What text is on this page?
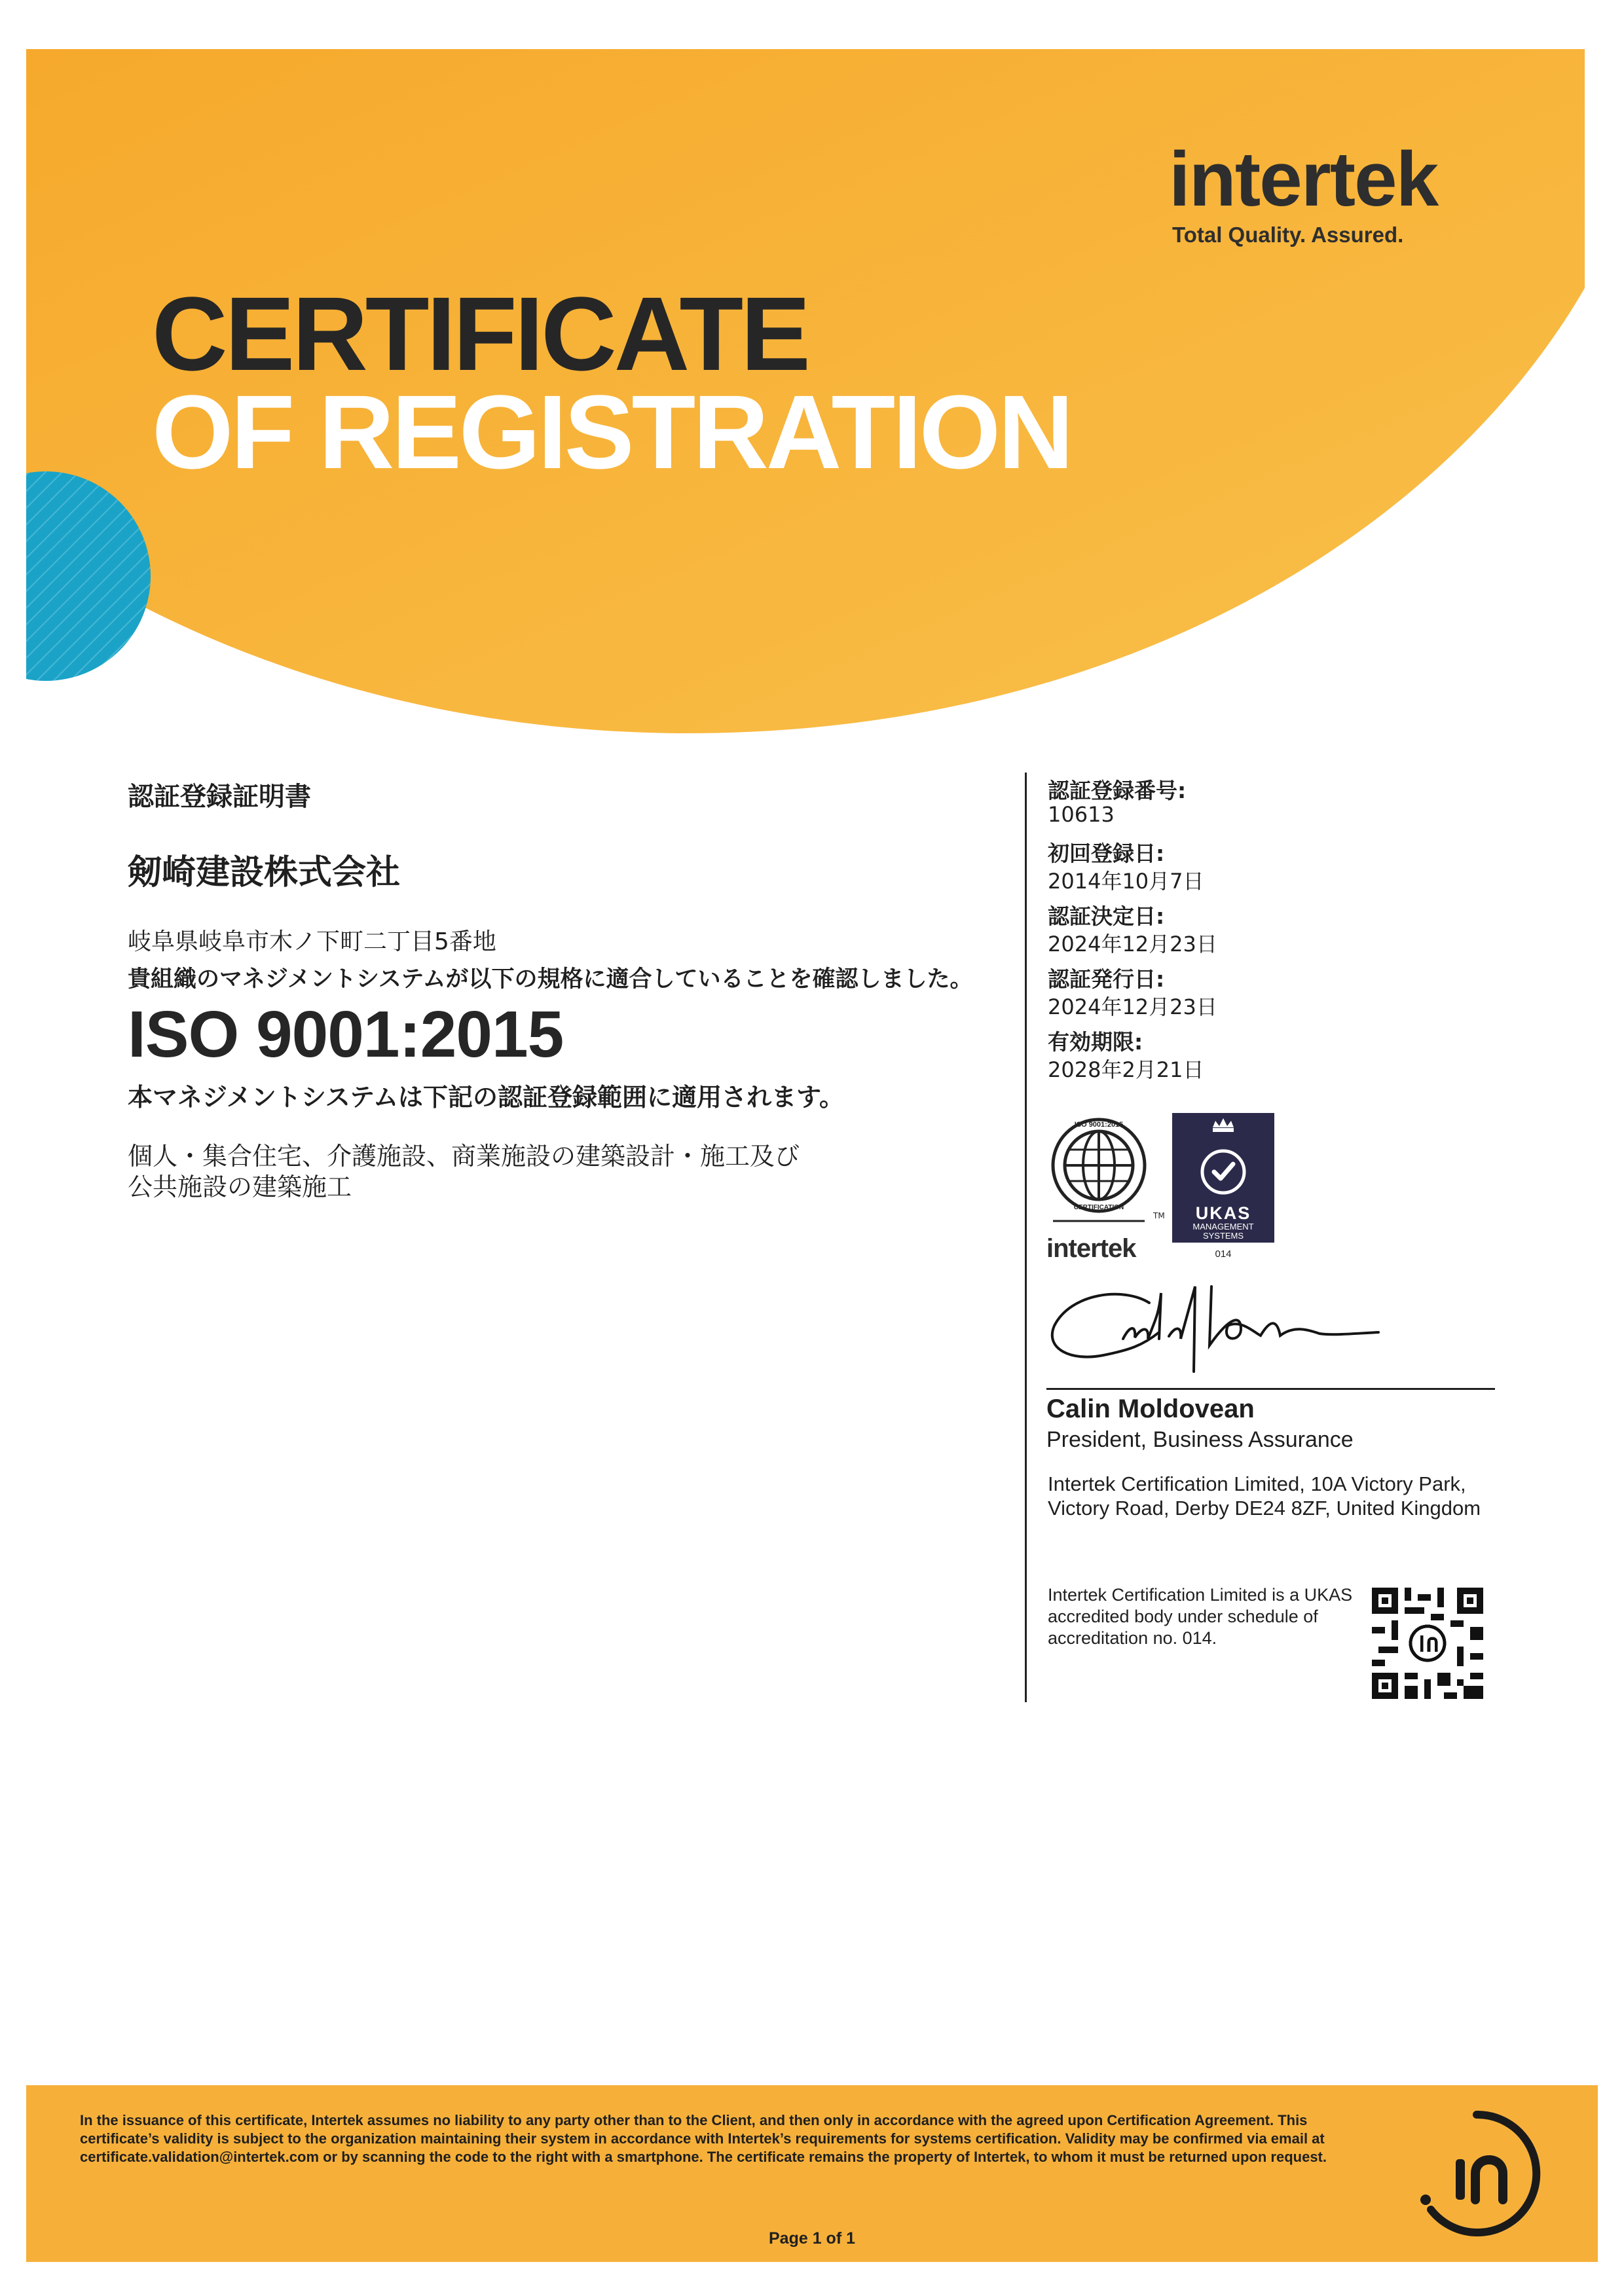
intertek
Total Quality. Assured.
CERTIFICATE
OF REGISTRATION
認証登録証明書
剱崎建設株式会社
岐阜県岐阜市木ノ下町二丁目5番地
貴組織のマネジメントシステムが以下の規格に適合していることを確認しました。
ISO 9001:2015
本マネジメントシステムは下記の認証登録範囲に適用されます。
個人・集合住宅、介護施設、商業施設の建築設計・施工及び
公共施設の建築施工
認証登録番号:
10613
初回登録日:
2014年10月7日
認証決定日:
2024年12月23日
認証発行日:
2024年12月23日
有効期限:
2028年2月21日
ISO 9001:2015
CERTIFICATION
TM
intertek
UKAS
MANAGEMENT SYSTEMS
014
Calin Moldovean
President, Business Assurance
Intertek Certification Limited, 10A Victory Park, Victory Road, Derby DE24 8ZF, United Kingdom
Intertek Certification Limited is a UKAS accredited body under schedule of accreditation no. 014.
In the issuance of this certificate, Intertek assumes no liability to any party other than to the Client, and then only in accordance with the agreed upon Certification Agreement. This certificate’s validity is subject to the organization maintaining their system in accordance with Intertek’s requirements for systems certification. Validity may be confirmed via email at certificate.validation@intertek.com or by scanning the code to the right with a smartphone. The certificate remains the property of Intertek, to whom it must be returned upon request.
Page 1 of 1
